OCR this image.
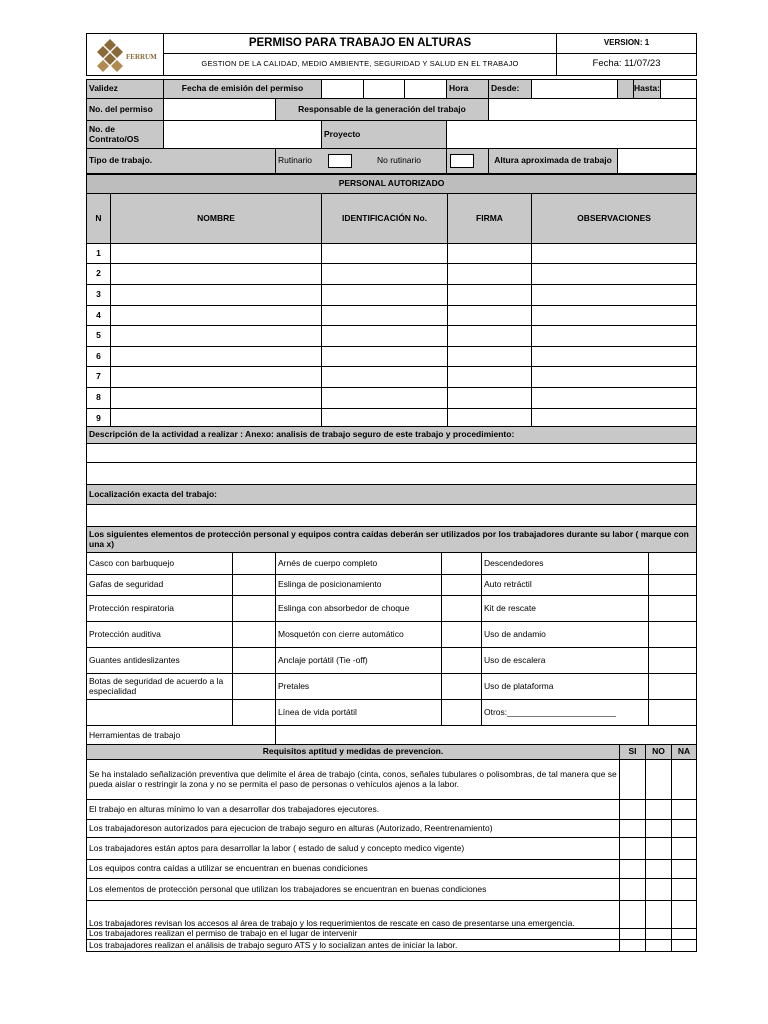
FERRUM	PERMISO PARA TRABAJO EN ALTURAS	VERSION: 1
	GESTION DE LA CALIDAD, MEDIO AMBIENTE, SEGURIDAD Y SALUD EN EL TRABAJO	Fecha: 11/07/23
Validez	Fecha de emisión del permiso			Hora	Desde:			Hasta:

No. del permiso		Responsable de la generación del trabajo						
No. de Contrato/OS			Proyecto					
Tipo de trabajo.		Rutinario No rutinario			Altura aproximada de trabajo			
PERSONAL AUTORIZADO				
N	NOMBRE	IDENTIFICACIÓN No.	FIRMA	OBSERVACIONES
1				
2				
3				
4				
5				
6				
7				
8				
9				
Descripción de la actividad a realizar : Anexo: analisis de trabajo seguro de este trabajo y procedimiento:

Localización exacta del trabajo:

Los siguientes elementos de protección personal y equipos contra caídas deberán ser utilizados por los trabajadores durante su labor ( marque con una x)
Casco con barbuquejo		Arnés de cuerpo completo		Descendedores	
Gafas de seguridad		Eslinga de posicionamiento		Auto retráctil	
Protección respiratoria		Eslinga con absorbedor de choque		Kit de rescate	
Protección auditiva		Mosquetón con cierre automático		Uso de andamio	
Guantes antideslizantes		Anclaje portátil (Tie -off)		Uso de escalera	
Botas de seguridad de acuerdo a la especialidad		Pretales		Uso de plataforma	
		Línea de vida portátil		Otros:_______________________	
Herramientas de trabajo					
Requisitos aptitud y medidas de prevencion.	SI	NO	NA
Se ha instalado señalización preventiva que delimite el área de trabajo (cinta, conos, señales tubulares o polisombras, de tal manera que se pueda aislar o restringir la zona y no se permita el paso de personas o vehículos ajenos a la labor.			
El trabajo en alturas mínimo lo van a desarrollar dos trabajadores ejecutores.			
Los trabajadoreson autorizados para ejecucion de trabajo seguro en alturas (Autorizado, Reentrenamiento)			
Los trabajadores están aptos para desarrollar la labor ( estado de salud y concepto medico vigente)			
Los equipos contra caídas a utilizar se encuentran en buenas condiciones			
Los elementos de protección personal que utilizan los trabajadores se encuentran en buenas condiciones			
Los trabajadores revisan los accesos al área de trabajo y los requerimientos de rescate en caso de presentarse una emergencia.			
Los trabajadores realizan el permiso de trabajo en el lugar de intervenir			
Los trabajadores realizan el análisis de trabajo seguro ATS y lo socializan antes de iniciar la labor.			
